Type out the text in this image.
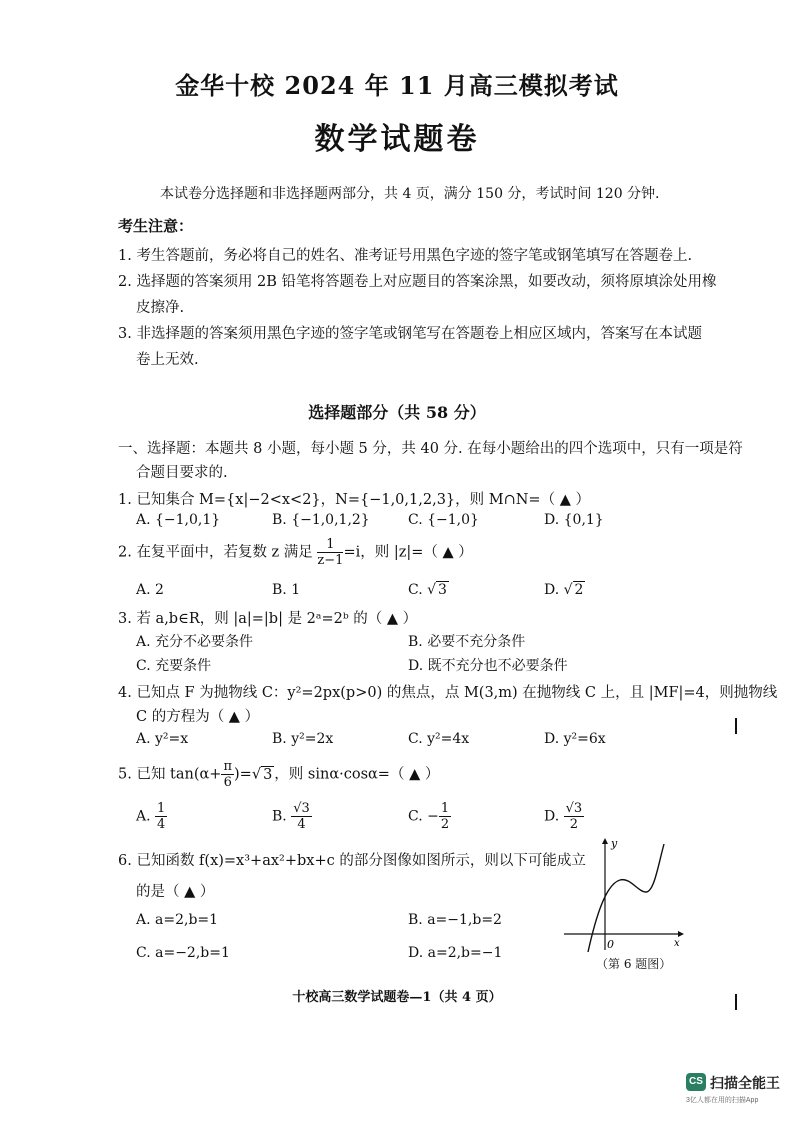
金华十校 2024 年 11 月高三模拟考试
数学试题卷
本试卷分选择题和非选择题两部分，共 4 页，满分 150 分，考试时间 120 分钟.
考生注意：
1. 考生答题前，务必将自己的姓名、准考证号用黑色字迹的签字笔或钢笔填写在答题卷上.
2. 选择题的答案须用 2B 铅笔将答题卷上对应题目的答案涂黑，如要改动，须将原填涂处用橡
皮擦净.
3. 非选择题的答案须用黑色字迹的签字笔或钢笔写在答题卷上相应区域内，答案写在本试题
卷上无效.
选择题部分（共 58 分）
一、选择题：本题共 8 小题，每小题 5 分，共 40 分. 在每小题给出的四个选项中，只有一项是符
合题目要求的.
1. 已知集合 M={x|−2<x<2}，N={−1,0,1,2,3}，则 M∩N=（ ▲ ）
A. {−1,0,1}	B. {−1,0,1,2}	C. {−1,0}	D. {0,1}
2. 在复平面中，若复数 z 满足 $\frac{1}{z-1} =i$，则 |z|=（ ▲ ）
A. 2	B. 1	C. √ 3	D. √ 2
3. 若 a,b∈R，则 |a|=|b| 是 2ᵃ=2ᵇ 的（ ▲ ）
A. 充分不必要条件	B. 必要不充分条件
C. 充要条件	D. 既不充分也不必要条件
4. 已知点 F 为抛物线 C：y²=2px(p>0) 的焦点，点 M(3,m) 在抛物线 C 上，且 |MF|=4，则抛物线
C 的方程为（ ▲ ）
A. y²=x	B. y²=2x	C. y²=4x	D. y²=6x
5. 已知 $\tan(\alpha+ \frac{\pi}{6}$ )=√ 3 ，则 sinα·cosα=（ ▲ ）
A. $\frac{1}{4}$	B. $\frac{√3}{4}$	C. − $\frac{1}{2}$	D. $\frac{√3}{2}$
6. 已知函数 f(x)=x³+ax²+bx+c 的部分图像如图所示，则以下可能成立
的是（ ▲ ）
A. a=2,b=1	B. a=−1,b=2
C. a=−2,b=1	D. a=2,b=−1
y
0	x
（第 6 题图）
十校高三数学试题卷—1（共 4 页）
CS 扫描全能王
3亿人都在用的扫描App
